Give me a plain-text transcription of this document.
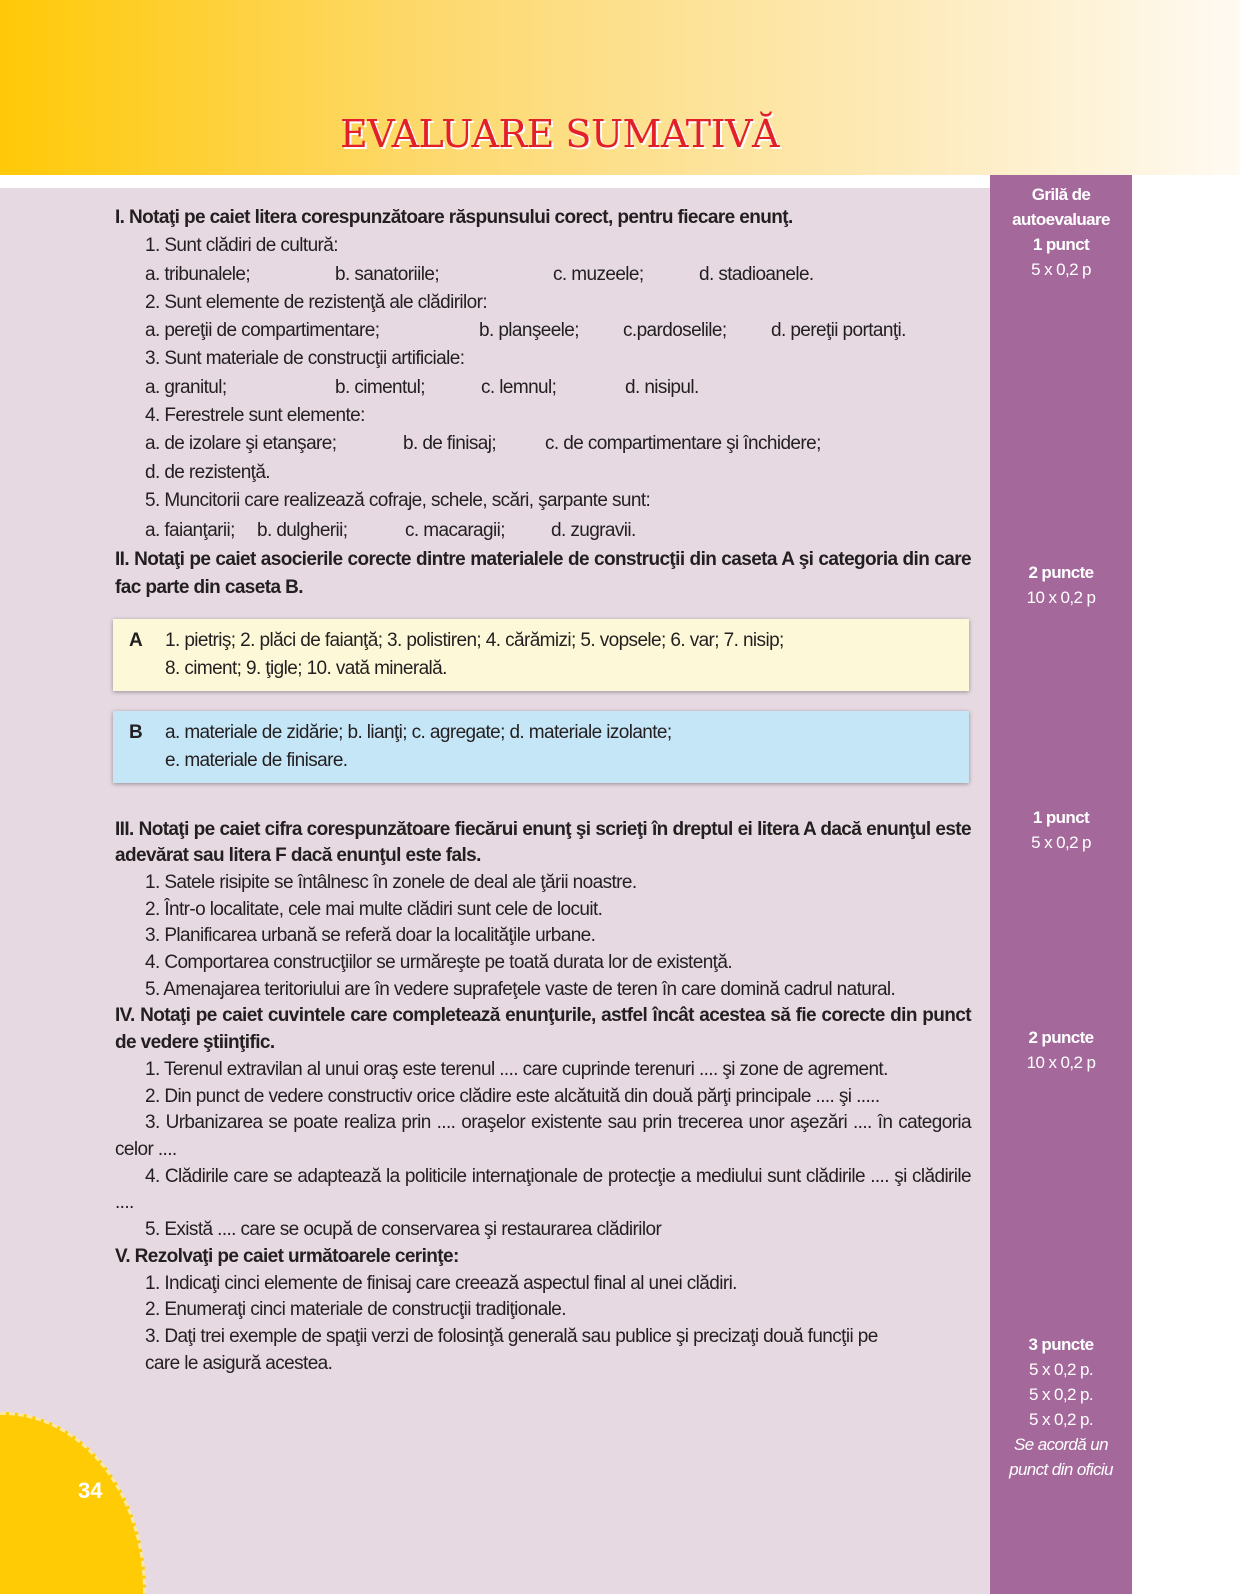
EVALUARE SUMATIVĂ
Grilă de
autoevaluare
1 punct
5 x 0,2 p
2 puncte
10 x 0,2 p
1 punct
5 x 0,2 p
2 puncte
10 x 0,2 p
3 puncte
5 x 0,2 p.
5 x 0,2 p.
5 x 0,2 p.
Se acordă un
punct din oficiu
34
I. Notaţi pe caiet litera corespunzătoare răspunsului corect, pentru fiecare enunţ.
1. Sunt clădiri de cultură:
a. tribunalele;	b. sanatoriile;	c. muzeele;	d. stadioanele.
2. Sunt elemente de rezistenţă ale clădirilor:
a. pereţii de compartimentare;	b. planşeele; c.pardoselile; d. pereţii portanţi.
3. Sunt materiale de construcţii artificiale:
a. granitul;	b. cimentul;	c. lemnul;	d. nisipul.
4. Ferestrele sunt elemente:
a. de izolare şi etanşare;	b. de finisaj;	c. de compartimentare şi închidere;
d. de rezistenţă.
5. Muncitorii care realizează cofraje, schele, scări, şarpante sunt:
a. faianţarii; b. dulgherii;	c. macaragii; d. zugravii.
II. Notaţi pe caiet asocierile corecte dintre materialele de construcţii din caseta A şi categoria din care fac parte din caseta B.
A	1. pietriş; 2. plăci de faianţă; 3. polistiren; 4. cărămizi; 5. vopsele; 6. var; 7. nisip;
8. ciment; 9. ţigle; 10. vată minerală.
B	a. materiale de zidărie; b. lianţi; c. agregate; d. materiale izolante;
e. materiale de finisare.
III. Notaţi pe caiet cifra corespunzătoare fiecărui enunţ şi scrieţi în dreptul ei litera A dacă enunţul este adevărat sau litera F dacă enunţul este fals.
1. Satele risipite se întâlnesc în zonele de deal ale ţării noastre.
2. Într-o localitate, cele mai multe clădiri sunt cele de locuit.
3. Planificarea urbană se referă doar la localităţile urbane.
4. Comportarea construcţiilor se urmăreşte pe toată durata lor de existenţă.
5. Amenajarea teritoriului are în vedere suprafeţele vaste de teren în care domină cadrul natural.
IV. Notaţi pe caiet cuvintele care completează enunţurile, astfel încât acestea să fie corecte din punct de vedere ştiinţific.
1. Terenul extravilan al unui oraş este terenul .... care cuprinde terenuri .... şi zone de agrement.
2. Din punct de vedere constructiv orice clădire este alcătuită din două părţi principale .... şi .....
3. Urbanizarea se poate realiza prin .... oraşelor existente sau prin trecerea unor aşezări .... în categoria celor ....
4. Clădirile care se adaptează la politicile internaţionale de protecţie a mediului sunt clădirile .... şi clădirile ....
5. Există .... care se ocupă de conservarea şi restaurarea clădirilor
V. Rezolvaţi pe caiet următoarele cerinţe:
1. Indicaţi cinci elemente de finisaj care creează aspectul final al unei clădiri.
2. Enumeraţi cinci materiale de construcţii tradiţionale.
3. Daţi trei exemple de spaţii verzi de folosinţă generală sau publice şi precizaţi două funcţii pe care le asigură acestea.
